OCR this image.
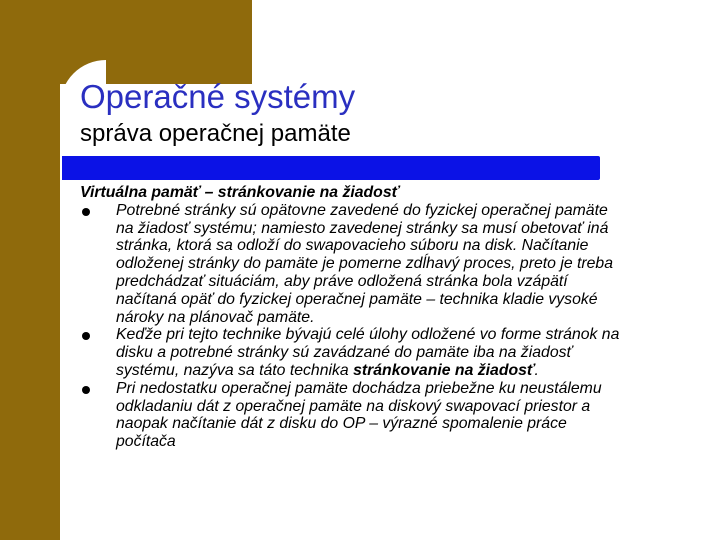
Operačné systémy
správa operačnej pamäte
Virtuálna pamäť – stránkovanie na žiadosť
Potrebné stránky sú opätovne zavedené do fyzickej operačnej pamäte na žiadosť systému; namiesto zavedenej stránky sa musí obetovať iná stránka, ktorá sa odloží do swapovacieho súboru na disk. Načítanie odloženej stránky do pamäte je pomerne zdĺhavý proces, preto je treba predchádzať situáciám, aby práve odložená stránka bola vzápätí načítaná opäť do fyzickej operačnej pamäte – technika kladie vysoké nároky na plánovač pamäte.
Keďže pri tejto technike bývajú celé úlohy odložené vo forme stránok na disku a potrebné stránky sú zavádzané do pamäte iba na žiadosť systému, nazýva sa táto technika stránkovanie na žiadosť.
Pri nedostatku operačnej pamäte dochádza priebežne ku neustálemu odkladaniu dát z operačnej pamäte na diskový swapovací priestor a naopak načítanie dát z disku do OP – výrazné spomalenie práce počítača
